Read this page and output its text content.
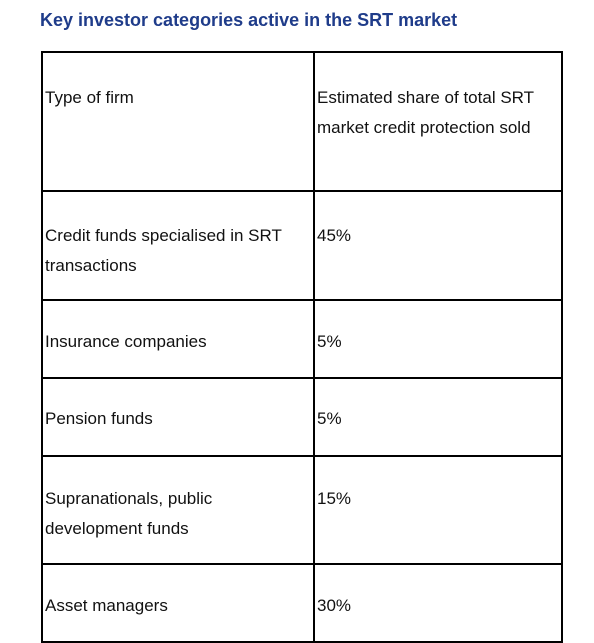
Key investor categories active in the SRT market
Type of firm	Estimated share of total SRT market credit protection sold

Credit funds specialised in SRT transactions	45%

Insurance companies	5%

Pension funds	5%

Supranationals, public development funds	15%

Asset managers	30%
